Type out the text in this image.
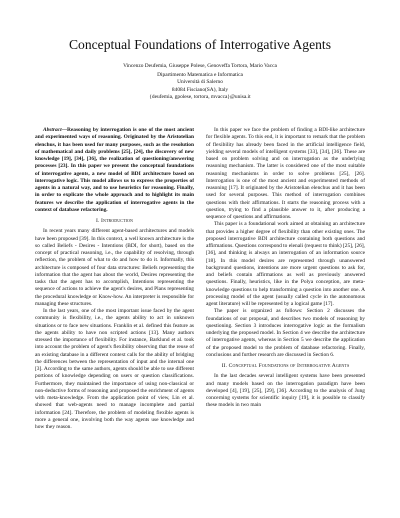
Conceptual Foundations of Interrogative Agents
Vincenzo Deufemia, Giuseppe Polese, Genoveffa Tortora, Mario Vacca
Dipartimento Matematica e Informatica
Università di Salerno
84084 Fisciano(SA), Italy
{deufemia, gpolese, tortora, mvacca}@unisa.it

Abstract—Reasoning by interrogation is one of the most ancient and experimented ways of reasoning. Originated by the Aristotelian elenchus, it has been used for many purposes, such as the resolution of mathematical and daily problems [25], [24], the discovery of new knowledge [19], [34], [36], the realization of questioning/answering processes [23]. In this paper we present the conceptual foundations of interrogative agents, a new model of BDI architecture based on interrogative logic. This model allows us to express the properties of agents in a natural way, and to use heuristics for reasoning. Finally, in order to explicate the whole approach and to highlight its main features we describe the application of interrogative agents in the context of database refactoring.

I. Introduction

In recent years many different agent-based architectures and models have been proposed [39]. In this context, a well known architecture is the so called Beliefs - Desires - Intentions (BDI, for short), based on the concept of practical reasoning, i.e., the capability of resolving, through reflection, the problem of what to do and how to do it. Informally, this architecture is composed of four data structures: Beliefs representing the information that the agent has about the world, Desires representing the tasks that the agent has to accomplish, Intentions representing the sequence of actions to achieve the agent's desires, and Plans representing the procedural knowledge or Know-how. An interpreter is responsible for managing these structures.

In the last years, one of the most important issue faced by the agent community is flexibility, i.e., the agents ability to act in unknown situations or to face new situations. Franklin et al. defined this feature as the agents ability to have non scripted actions [13]. Many authors stressed the importance of flexibility. For instance, Barklund et al. took into account the problem of agent's flexibility observing that the reuse of an existing database in a different context calls for the ability of bridging the differences between the representation of input and the internal one [3]. According to the same authors, agents should be able to use different portions of knowledge depending on users or question classifications. Furthermore, they maintained the importance of using non-classical or non-deductive forms of reasoning and proposed the enrichment of agents with meta-knowledge. From the application point of view, Lin et al. showed that web-agents need to manage incomplete and partial information [24]. Therefore, the problem of modeling flexible agents is more a general one, involving both the way agents use knowledge and how they reason.

In this paper we face the problem of finding a BDI-like architecture for flexible agents. To this end, it is important to remark that the problem of flexibility has already been faced in the artificial intelligence field, yielding several models of intelligent systems [33], [34], [36]. These are based on problem solving and on interrogation as the underlying reasoning mechanism. The latter is considered one of the most suitable reasoning mechanisms in order to solve problems [25], [26]. Interrogation is one of the most ancient and experimented methods of reasoning [17]. It originated by the Aristotelian elenchus and it has been used for several purposes. This method of interrogation combines questions with their affirmations. It starts the reasoning process with a question, trying to find a plausible answer to it, after producing a sequence of questions and affirmations.

This paper is a foundational work aimed at obtaining an architecture that provides a higher degree of flexibility than other existing ones. The proposed interrogative BDI architecture containing both questions and affirmations. Questions correspond to elenali (request to think) [25], [26], [36], and thinking is always an interrogation of an information source [18]. In this model desires are represented through unanswered background questions, intentions are more urgent questions to ask for, and beliefs contain affirmations as well as previously answered questions. Finally, heuristics, like in the Polya conception, are meta-knowledge questions to help transforming a question into another one. A processing model of the agent (usually called cycle in the autonomous agent literature) will be represented by a logical game [17].

The paper is organized as follows: Section 2 discusses the foundations of our proposal, and describes two models of reasoning by questioning. Section 3 introduces interrogative logic as the formalism underlying the proposed model. In Section 4 we describe the architecture of interrogative agents, whereas in Section 5 we describe the application of the proposed model to the problem of database refactoring. Finally, conclusions and further research are discussed in Section 6.

II. Conceptual Foundations of Interrogative Agents

In the last decades several intelligent systems have been presented and many models based on the interrogation paradigm have been developed [4], [19], [25], [29], [36]. According to the analysis of Jung concerning systems for scientific inquiry [19], it is possible to classify these models in two main
